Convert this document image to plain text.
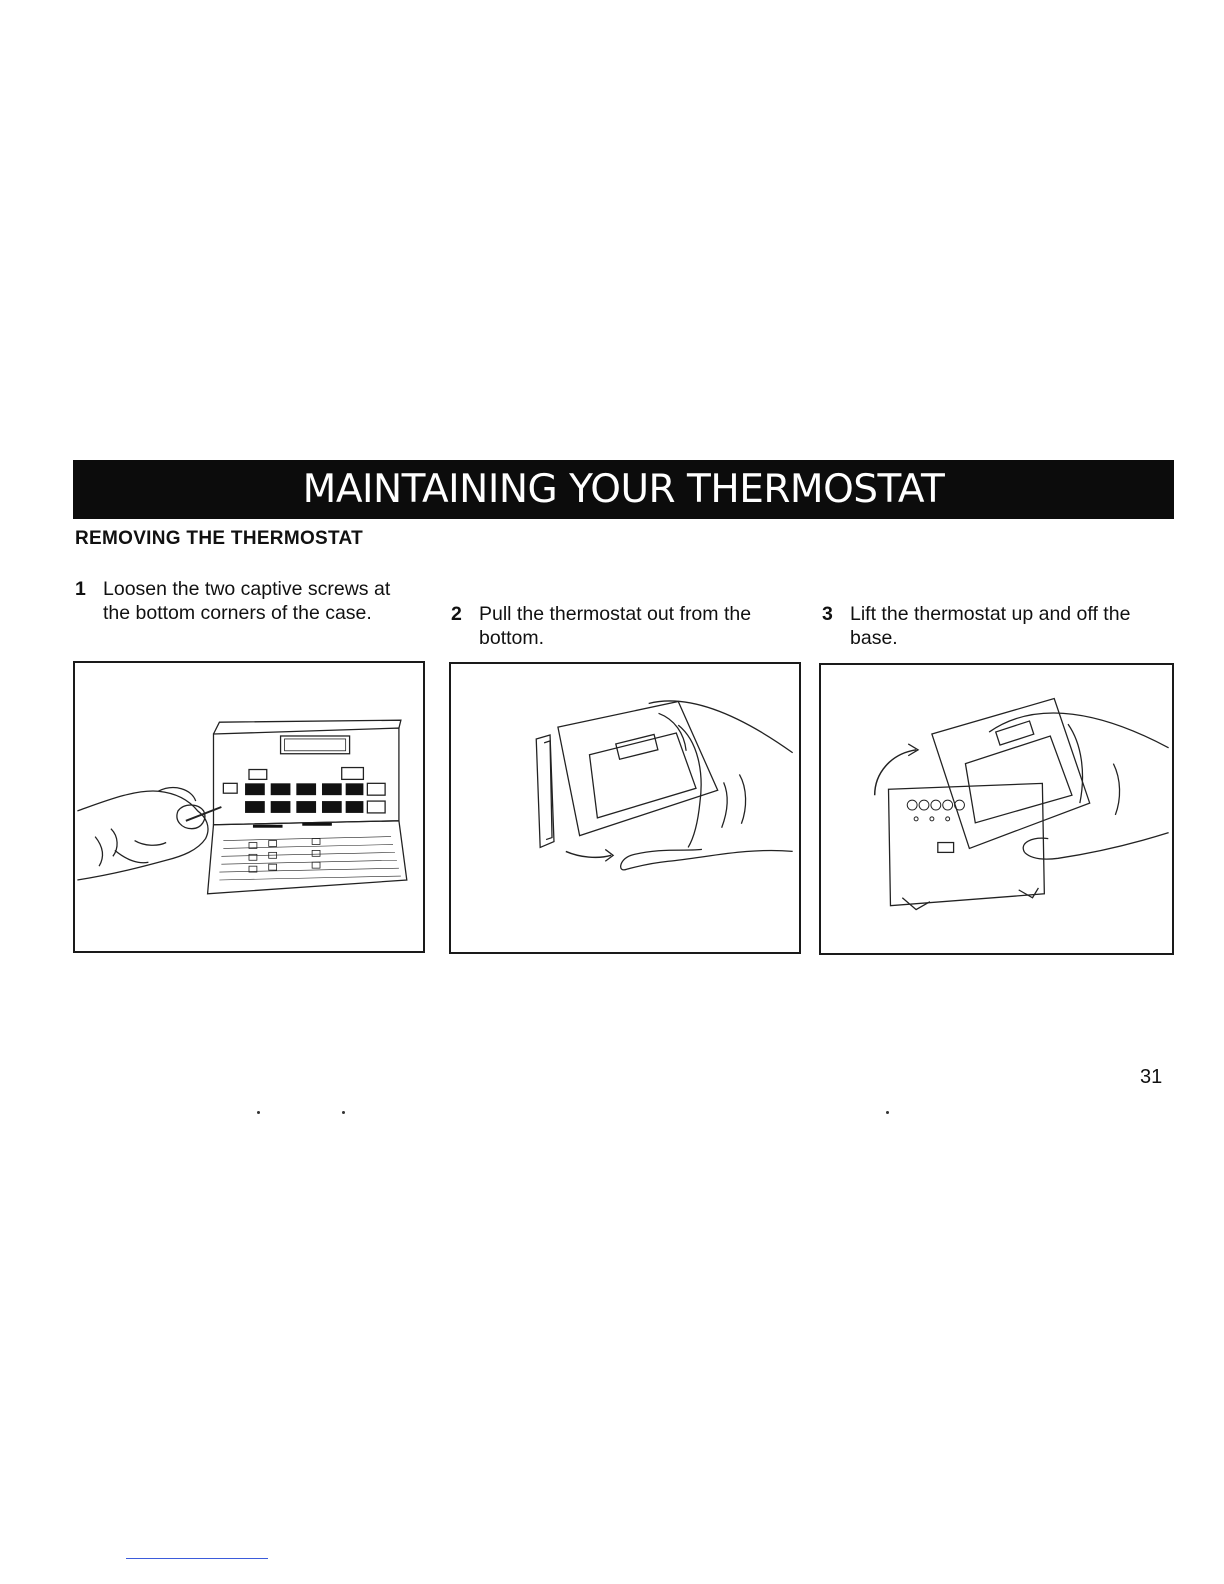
MAINTAINING YOUR THERMOSTAT
REMOVING THE THERMOSTAT
1 Loosen the two captive screws at the bottom corners of the case.	2 Pull the thermostat out from the bottom.
3 Lift the thermostat up and off the base.
31
